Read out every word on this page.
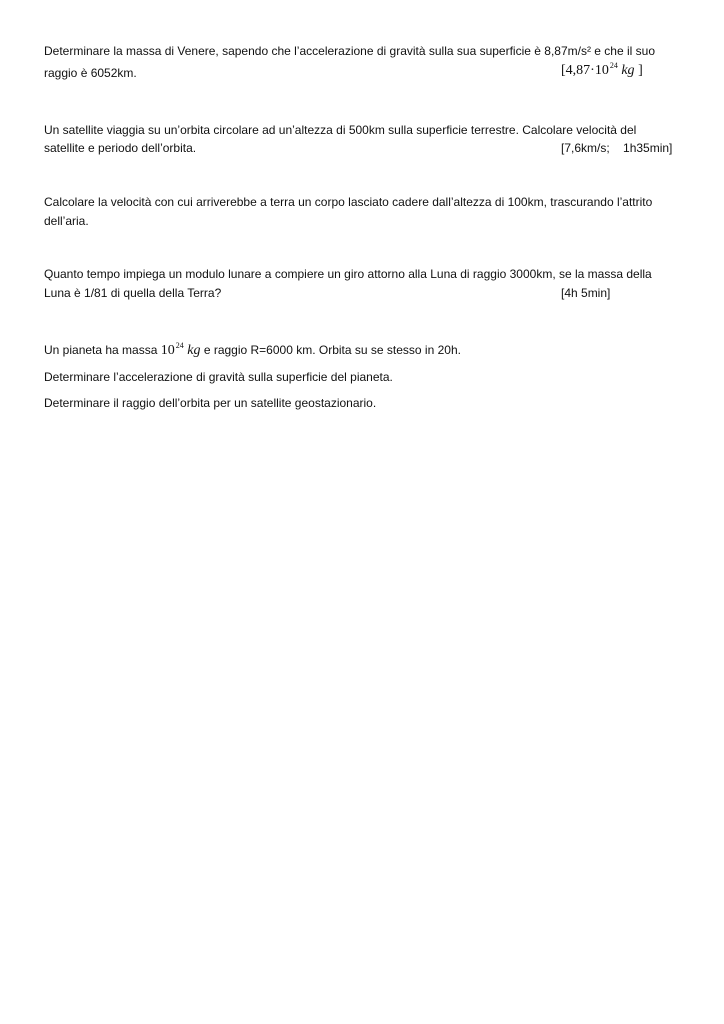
Determinare la massa di Venere, sapendo che l’accelerazione di gravità sulla sua superficie è 8,87m/s² e che il suo
raggio è 6052km.	[$4,87\cdot 10^{24}$ kg ]
Un satellite viaggia su un’orbita circolare ad un’altezza di 500km sulla superficie terrestre. Calcolare velocità del
satellite e periodo dell’orbita.	[7,6km/s;    1h35min]
Calcolare la velocità con cui arriverebbe a terra un corpo lasciato cadere dall’altezza di 100km, trascurando l’attrito
dell’aria.
Quanto tempo impiega un modulo lunare a compiere un giro attorno alla Luna di raggio 3000km, se la massa della
Luna è 1/81 di quella della Terra?	[4h 5min]
Un pianeta ha massa $10^{24}$ kg e raggio R=6000 km. Orbita su se stesso in 20h.
Determinare l’accelerazione di gravità sulla superficie del pianeta.
Determinare il raggio dell’orbita per un satellite geostazionario.
